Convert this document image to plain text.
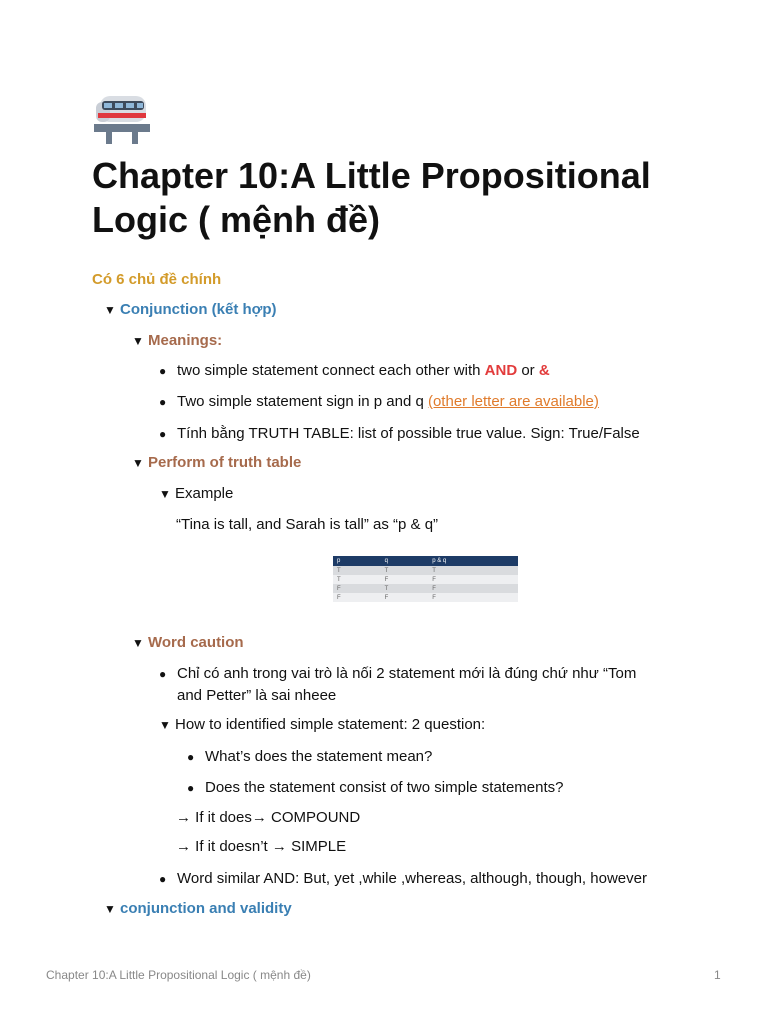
Chapter 10:A Little Propositional Logic ( mệnh đề)
Có 6 chủ đề chính
▼ Conjunction (kết hợp)
▼ Meanings:
● two simple statement connect each other with AND or &
● Two simple statement sign in p and q (other letter are available)
● Tính bằng TRUTH TABLE: list of possible true value. Sign: True/False
▼ Perform of truth table
▼ Example
“Tina is tall, and Sarah is tall” as “p & q”
p	q	p & q
T	T	T
T	F	F
F	T	F
F	F	F
▼ Word caution
● Chỉ có anh trong vai trò là nối 2 statement mới là đúng chứ như “Tom
and Petter” là sai nheee
▼ How to identified simple statement: 2 question:
● What’s does the statement mean?
● Does the statement consist of two simple statements?
→ If it does→ COMPOUND
→ If it doesn’t → SIMPLE
● Word similar AND: But, yet ,while ,whereas, although, though, however
▼ conjunction and validity
Chapter 10:A Little Propositional Logic ( mệnh đề)	1
